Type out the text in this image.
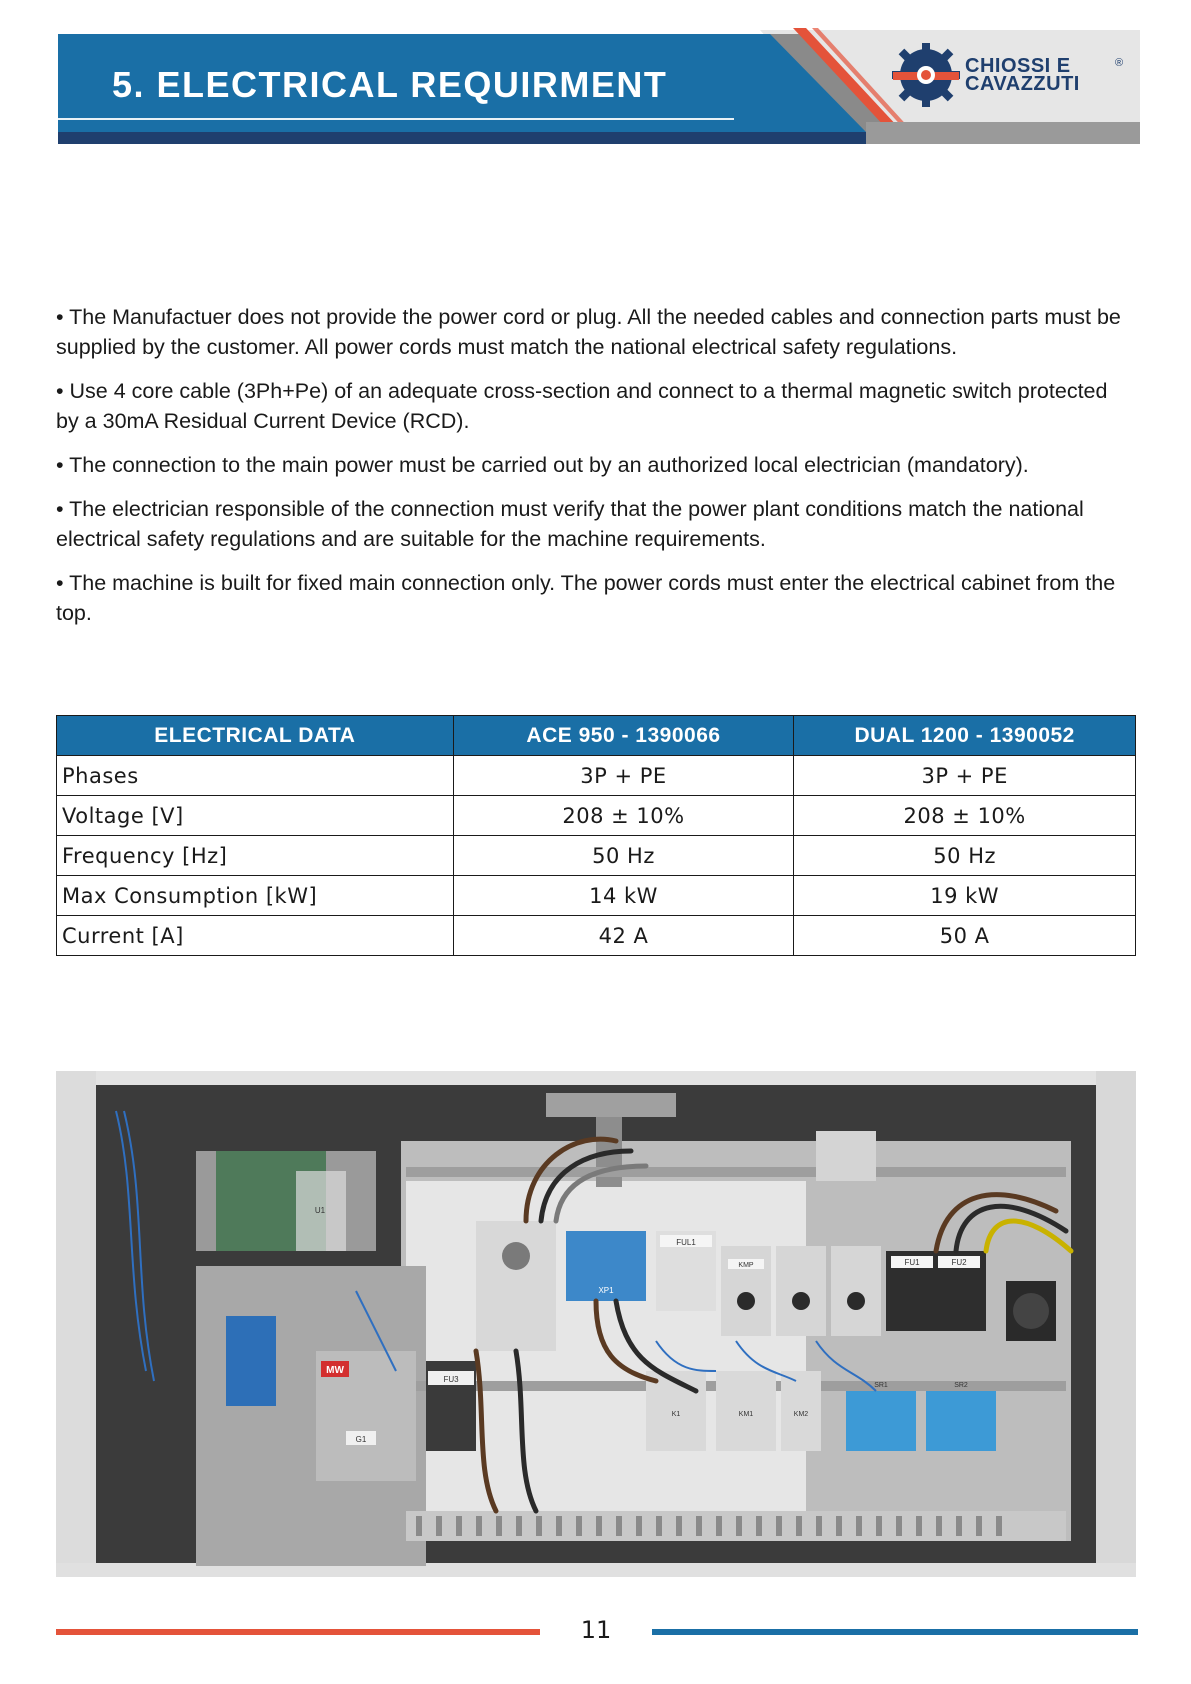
5. ELECTRICAL REQUIRMENT	CHIOSSI E
CAVAZZUTI
®

• The Manufactuer does not provide the power cord or plug. All the needed cables and connection parts must be supplied by the customer. All power cords must match the national electrical safety regulations.

• Use 4 core cable (3Ph+Pe) of an adequate cross-section and connect to a thermal magnetic switch protected by a 30mA Residual Current Device (RCD).

• The connection to the main power must be carried out by an authorized local electrician (mandatory).

• The electrician responsible of the connection must verify that the power plant conditions match the national electrical safety regulations and are suitable for the machine requirements.

• The machine is built for fixed main connection only. The power cords must enter the electrical cabinet from the top.

ELECTRICAL DATA	ACE 950 - 1390066	DUAL 1200 - 1390052
Phases	3P + PE	3P + PE
Voltage [V]	208 ± 10%	208 ± 10%
Frequency [Hz]	50 Hz	50 Hz
Max Consumption [kW]	14 kW	19 kW
Current [A]	42 A	50 A
U1
MW
G1
FU3
XP1
FUL1
KMP	FU1	FU2
K1	KM1	KM2
SR1	SR2
11
